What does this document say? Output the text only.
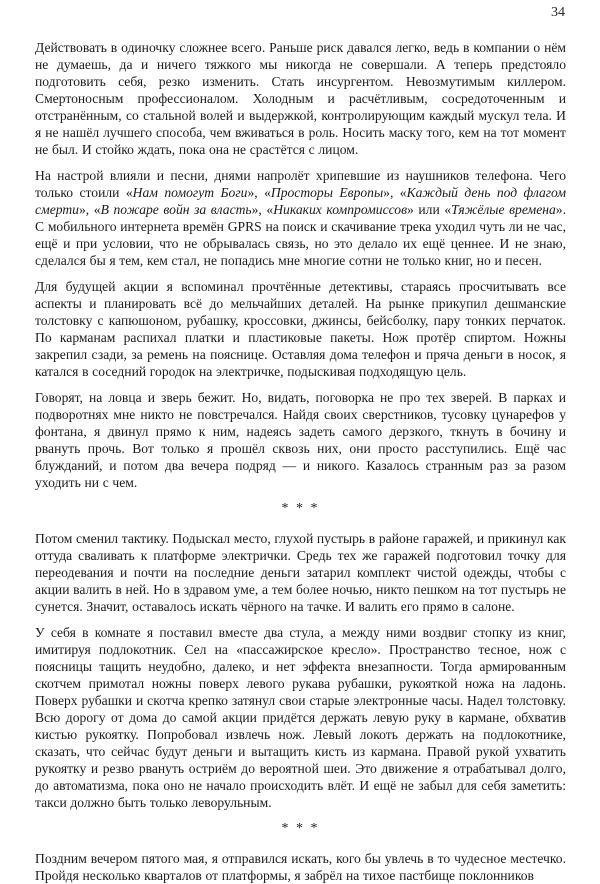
34

Действовать в одиночку сложнее всего. Раньше риск давался легко, ведь в компании о нём не думаешь, да и ничего тяжкого мы никогда не совершали. А теперь предстояло подготовить себя, резко изменить. Стать инсургентом. Невозмутимым киллером. Смертоносным профессионалом. Холодным и расчётливым, сосредоточенным и отстранённым, со стальной волей и выдержкой, контролирующим каждый мускул тела. И я не нашёл лучшего способа, чем вживаться в роль. Носить маску того, кем на тот момент не был. И стойко ждать, пока она не срастётся с лицом.

На настрой влияли и песни, днями напролёт хрипевшие из наушников телефона. Чего только стоили «Нам помогут Боги», «Просторы Европы», «Каждый день под флагом смерти», «В пожаре войн за власть», «Никаких компромиссов» или «Тяжёлые времена». С мобильного интернета времён GPRS на поиск и скачивание трека уходил чуть ли не час, ещё и при условии, что не обрывалась связь, но это делало их ещё ценнее. И не знаю, сделался бы я тем, кем стал, не попадись мне многие сотни не только книг, но и песен.

Для будущей акции я вспоминал прочтённые детективы, стараясь просчитывать все аспекты и планировать всё до мельчайших деталей. На рынке прикупил дешманские толстовку с капюшоном, рубашку, кроссовки, джинсы, бейсболку, пару тонких перчаток. По карманам распихал платки и пластиковые пакеты. Нож протёр спиртом. Ножны закрепил сзади, за ремень на пояснице. Оставляя дома телефон и пряча деньги в носок, я катался в соседний городок на электричке, подыскивая подходящую цель.

Говорят, на ловца и зверь бежит. Но, видать, поговорка не про тех зверей. В парках и подворотнях мне никто не повстречался. Найдя своих сверстников, тусовку цунарефов у фонтана, я двинул прямо к ним, надеясь задеть самого дерзкого, ткнуть в бочину и рвануть прочь. Вот только я прошёл сквозь них, они просто расступились. Ещё час блужданий, и потом два вечера подряд — и никого. Казалось странным раз за разом уходить ни с чем.

* * *

Потом сменил тактику. Подыскал место, глухой пустырь в районе гаражей, и прикинул как оттуда сваливать к платформе электрички. Средь тех же гаражей подготовил точку для переодевания и почти на последние деньги затарил комплект чистой одежды, чтобы с акции валить в ней. Но в здравом уме, а тем более ночью, никто пешком на тот пустырь не сунется. Значит, оставалось искать чёрного на тачке. И валить его прямо в салоне.

У себя в комнате я поставил вместе два стула, а между ними воздвиг стопку из книг, имитируя подлокотник. Сел на «пассажирское кресло». Пространство тесное, нож с поясницы тащить неудобно, далеко, и нет эффекта внезапности. Тогда армированным скотчем примотал ножны поверх левого рукава рубашки, рукояткой ножа на ладонь. Поверх рубашки и скотча крепко затянул свои старые электронные часы. Надел толстовку. Всю дорогу от дома до самой акции придётся держать левую руку в кармане, обхватив кистью рукоятку. Попробовал извлечь нож. Левый локоть держать на подлокотнике, сказать, что сейчас будут деньги и вытащить кисть из кармана. Правой рукой ухватить рукоятку и резво рвануть остриём до вероятной шеи. Это движение я отрабатывал долго, до автоматизма, пока оно не начало происходить влёт. И ещё не забыл для себя заметить: такси должно быть только леворульным.

* * *

Поздним вечером пятого мая, я отправился искать, кого бы увлечь в то чудесное местечко. Пройдя несколько кварталов от платформы, я забрёл на тихое пастбище поклонников
